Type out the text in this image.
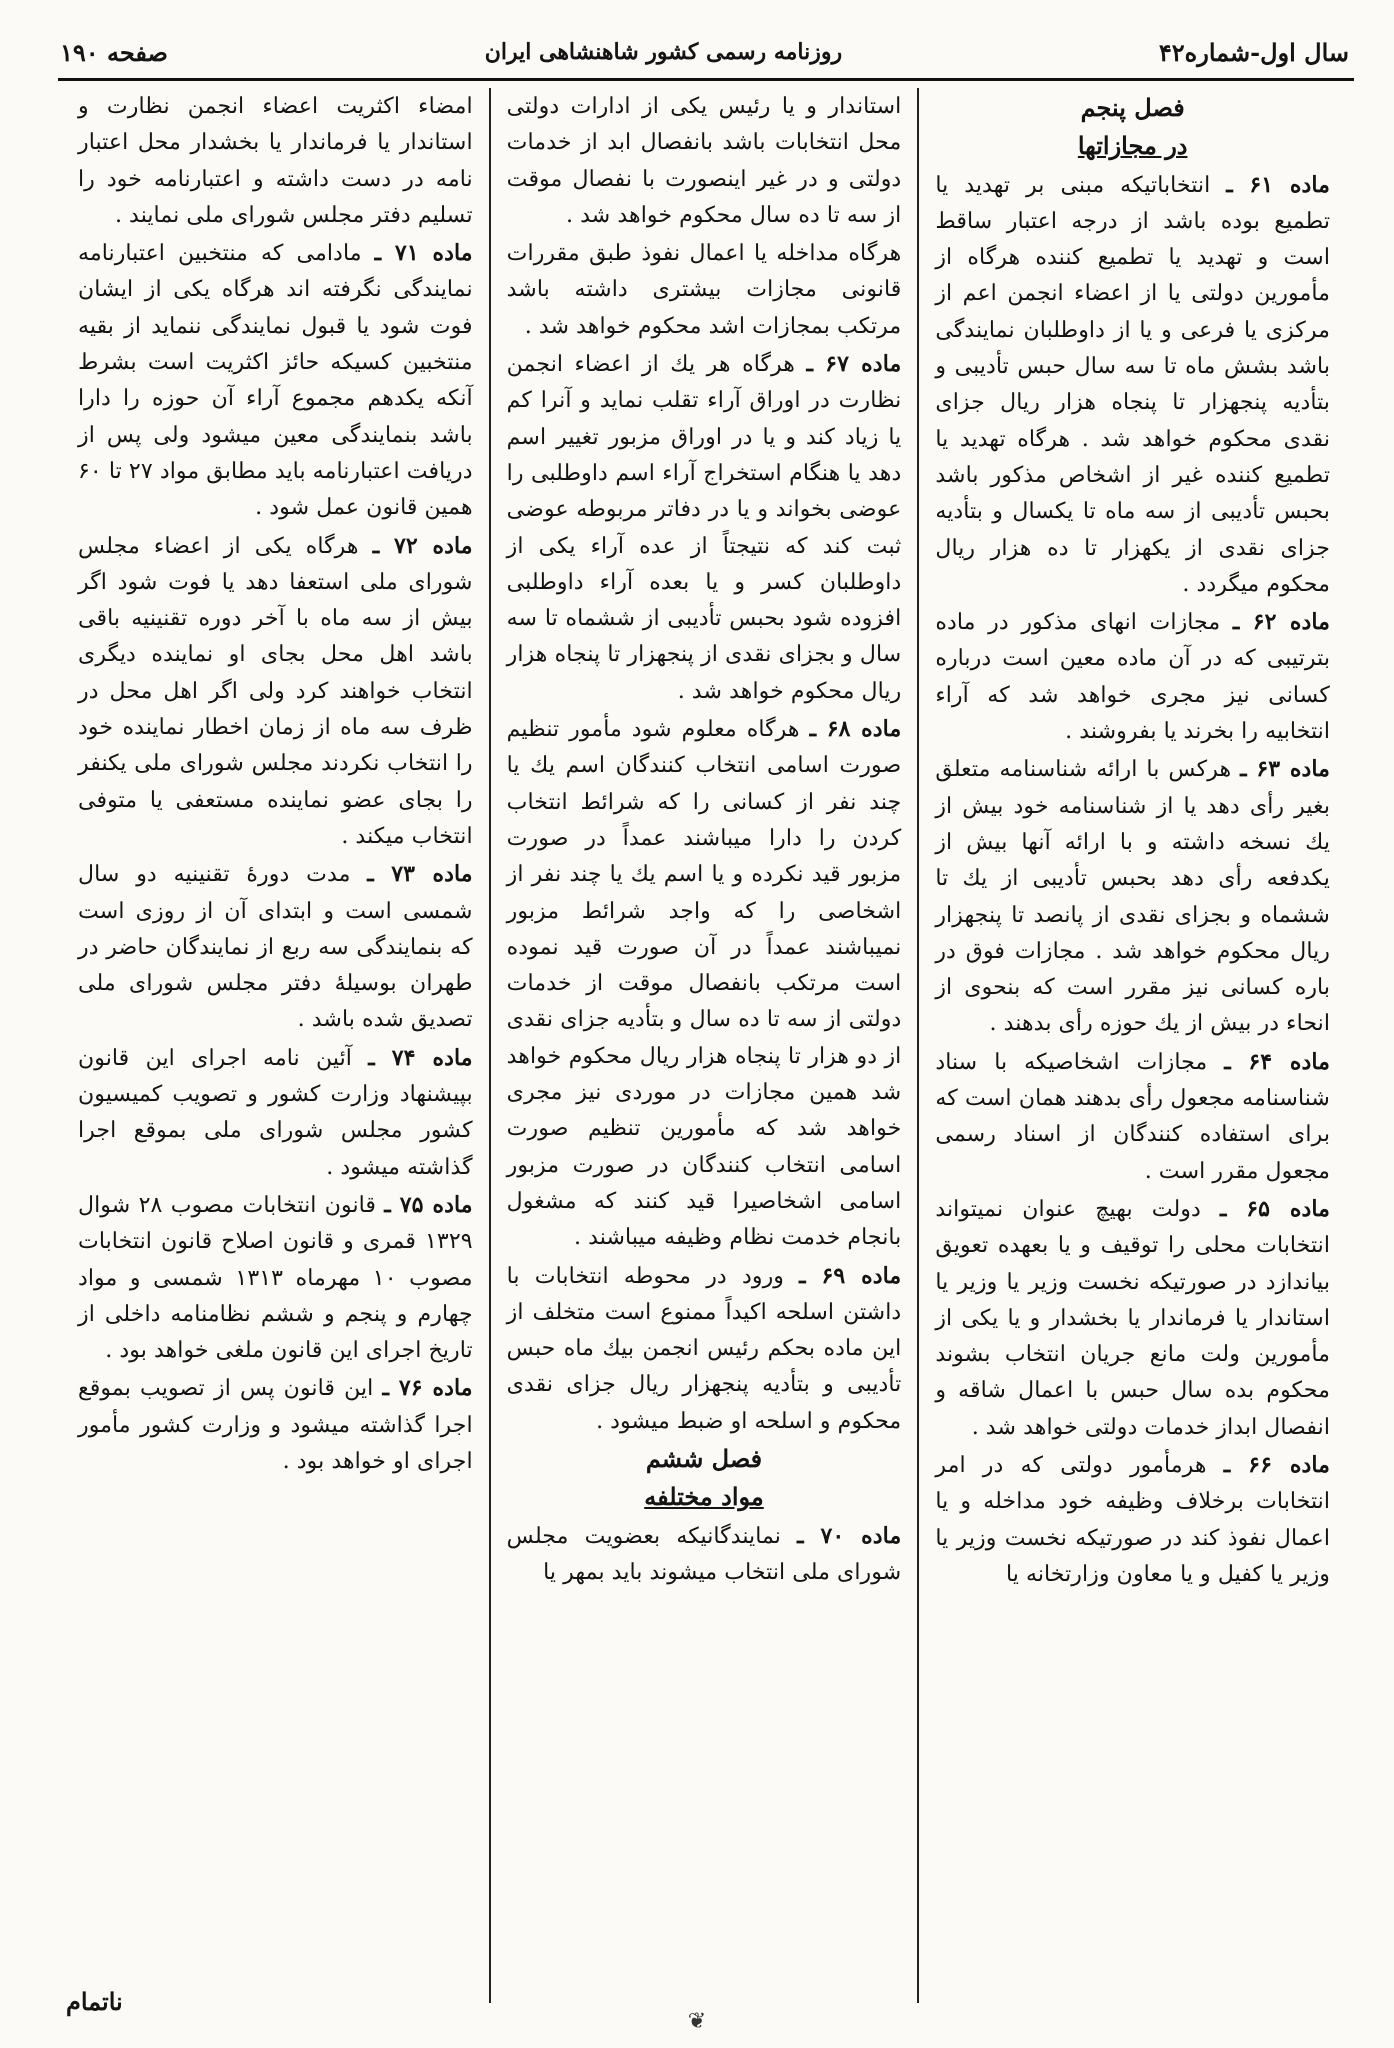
سال اول-شماره۴۲
روزنامه رسمی کشور شاهنشاهی ایران
صفحه ۱۹۰
فصل پنجم
در مجازاتها

ماده ۶۱ ـ انتخاباتیکه مبنی بر تهدید یا تطمیع بوده باشد از درجه اعتبار ساقط است و تهدید یا تطمیع کننده هرگاه از مأمورین دولتی یا از اعضاء انجمن اعم از مرکزی یا فرعی و یا از داوطلبان نمایندگی باشد بشش ماه تا سه سال حبس تأدیبی و بتأدیه پنجهزار تا پنجاه هزار ریال جزای نقدی محکوم خواهد شد . هرگاه تهدید یا تطمیع کننده غیر از اشخاص مذکور باشد بحبس تأدیبی از سه ماه تا یکسال و بتأدیه جزای نقدی از یکهزار تا ده هزار ریال محکوم میگردد .

ماده ۶۲ ـ مجازات انهای مذکور در ماده بترتیبی که در آن ماده معین است درباره کسانی نیز مجری خواهد شد که آراء انتخابیه را بخرند یا بفروشند .

ماده ۶۳ ـ هرکس با ارائه شناسنامه متعلق بغیر رأی دهد یا از شناسنامه خود بیش از یك نسخه داشته و با ارائه آنها بیش از یکدفعه رأی دهد بحبس تأدیبی از یك تا ششماه و بجزای نقدی از پانصد تا پنجهزار ریال محکوم خواهد شد . مجازات فوق در باره کسانی نیز مقرر است که بنحوی از انحاء در بیش از یك حوزه رأی بدهند .

ماده ۶۴ ـ مجازات اشخاصیکه با سناد شناسنامه مجعول رأی بدهند همان است که برای استفاده کنندگان از اسناد رسمی مجعول مقرر است .

ماده ۶۵ ـ دولت بهیچ عنوان نمیتواند انتخابات محلی را توقیف و یا بعهده تعویق بیاندازد در صورتیکه نخست وزیر یا وزیر یا استاندار یا فرماندار یا بخشدار و یا یکی از مأمورین ولت مانع جریان انتخاب بشوند محکوم بده سال حبس با اعمال شاقه و انفصال ابداز خدمات دولتی خواهد شد .

ماده ۶۶ ـ هرمأمور دولتی که در امر انتخابات برخلاف وظیفه خود مداخله و یا اعمال نفوذ کند در صورتیکه نخست وزیر یا وزیر یا کفیل و یا معاون وزارتخانه یا

استاندار و یا رئیس یکی از ادارات دولتی محل انتخابات باشد بانفصال ابد از خدمات دولتی و در غیر اینصورت با نفصال موقت از سه تا ده سال محکوم خواهد شد .

هرگاه مداخله یا اعمال نفوذ طبق مقررات قانونی مجازات بیشتری داشته باشد مرتکب بمجازات اشد محکوم خواهد شد .

ماده ۶۷ ـ هرگاه هر یك از اعضاء انجمن نظارت در اوراق آراء تقلب نماید و آنرا کم یا زیاد کند و یا در اوراق مزبور تغییر اسم دهد یا هنگام استخراج آراء اسم داوطلبی را عوضی بخواند و یا در دفاتر مربوطه عوضی ثبت کند که نتیجتاً از عده آراء یکی از داوطلبان کسر و یا بعده آراء داوطلبی افزوده شود بحبس تأدیبی از ششماه تا سه سال و بجزای نقدی از پنجهزار تا پنجاه هزار ریال محکوم خواهد شد .

ماده ۶۸ ـ هرگاه معلوم شود مأمور تنظیم صورت اسامی انتخاب کنندگان اسم یك یا چند نفر از کسانی را که شرائط انتخاب کردن را دارا میباشند عمداً در صورت مزبور قید نکرده و یا اسم یك یا چند نفر از اشخاصی را که واجد شرائط مزبور نمیباشند عمداً در آن صورت قید نموده است مرتکب بانفصال موقت از خدمات دولتی از سه تا ده سال و بتأدیه جزای نقدی از دو هزار تا پنجاه هزار ریال محکوم خواهد شد همین مجازات در موردی نیز مجری خواهد شد که مأمورین تنظیم صورت اسامی انتخاب کنندگان در صورت مزبور اسامی اشخاصیرا قید کنند که مشغول بانجام خدمت نظام وظیفه میباشند .

ماده ۶۹ ـ ورود در محوطه انتخابات با داشتن اسلحه اکیداً ممنوع است متخلف از این ماده بحکم رئیس انجمن بیك ماه حبس تأدیبی و بتأدیه پنجهزار ریال جزای نقدی محکوم و اسلحه او ضبط میشود .

فصل ششم
مواد مختلفه

ماده ۷۰ ـ نمایندگانیکه بعضویت مجلس شورای ملی انتخاب میشوند باید بمهر یا

امضاء اکثریت اعضاء انجمن نظارت و استاندار یا فرماندار یا بخشدار محل اعتبار نامه در دست داشته و اعتبارنامه خود را تسلیم دفتر مجلس شورای ملی نمایند .

ماده ۷۱ ـ مادامی که منتخبین اعتبارنامه نمایندگی نگرفته اند هرگاه یکی از ایشان فوت شود یا قبول نمایندگی ننماید از بقیه منتخبین کسیکه حائز اکثریت است بشرط آنکه یکدهم مجموع آراء آن حوزه را دارا باشد بنمایندگی معین میشود ولی پس از دریافت اعتبارنامه باید مطابق مواد ۲۷ تا ۶۰ همین قانون عمل شود .

ماده ۷۲ ـ هرگاه یکی از اعضاء مجلس شورای ملی استعفا دهد یا فوت شود اگر بیش از سه ماه با آخر دوره تقنینیه باقی باشد اهل محل بجای او نماینده دیگری انتخاب خواهند کرد ولی اگر اهل محل در ظرف سه ماه از زمان اخطار نماینده خود را انتخاب نکردند مجلس شورای ملی یکنفر را بجای عضو نماینده مستعفی یا متوفی انتخاب میکند .

ماده ۷۳ ـ مدت دورهٔ تقنینیه دو سال شمسی است و ابتدای آن از روزی است که بنمایندگی سه ربع از نمایندگان حاضر در طهران بوسیلهٔ دفتر مجلس شورای ملی تصدیق شده باشد .

ماده ۷۴ ـ آئین نامه اجرای این قانون بپیشنهاد وزارت کشور و تصویب کمیسیون کشور مجلس شورای ملی بموقع اجرا گذاشته میشود .

ماده ۷۵ ـ قانون انتخابات مصوب ۲۸ شوال ۱۳۲۹ قمری و قانون اصلاح قانون انتخابات مصوب ۱۰ مهرماه ۱۳۱۳ شمسی و مواد چهارم و پنجم و ششم نظامنامه داخلی از تاریخ اجرای این قانون ملغی خواهد بود .

ماده ۷۶ ـ این قانون پس از تصویب بموقع اجرا گذاشته میشود و وزارت کشور مأمور اجرای او خواهد بود .

ناتمام
❦
